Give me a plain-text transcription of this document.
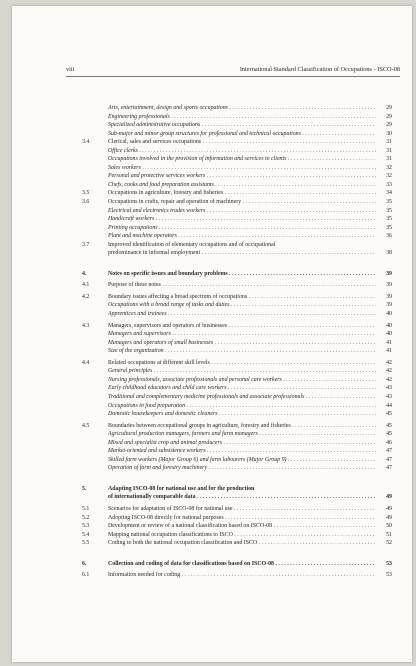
viii	International Standard Classification of Occupations - ISCO-08
Arts, entertainment, design and sports occupations . . .	29
Engineering professionals . . .	29
Specialized administrative occupations . . .	29
Sub-major and minor group structures for professional and technical occupations . . .	30
3.4	Clerical, sales and services occupations . . .	31
Office clerks . . .	31
Occupations involved in the provision of information and services to clients . . .	31
Sales workers . . .	32
Personal and protective services workers . . .	32
Chefs, cooks and food preparation assistants . . .	33
3.5	Occupations in agriculture, forestry and fisheries . . .	34
3.6	Occupations in crafts, repair and operation of machinery . . .	35
Electrical and electronics trades workers . . .	35
Handicraft workers . . .	35
Printing occupations . . .	35
Plant and machine operators . . .	36
3.7	Improved identification of elementary occupations and of occupational
predominance in informal employment . . .	38
4.	Notes on specific issues and boundary problems . . .	39
4.1	Purpose of these notes . . .	39
4.2	Boundary issues affecting a broad spectrum of occupations . . .	39
Occupations with a broad range of tasks and duties . . .	39
Apprentices and trainees . . .	40
4.3	Managers, supervisors and operators of businesses . . .	40
Managers and supervisors . . .	40
Managers and operators of small businesses . . .	41
Size of the organization . . .	41
4.4	Related occupations at different skill levels . . .	42
General principles . . .	42
Nursing professionals, associate professionals and personal care workers . . .	42
Early childhood educators and child care workers . . .	43
Traditional and complementary medicine professionals and associate professionals . . .	43
Occupations in food preparation . . .	44
Domestic housekeepers and domestic cleaners . . .	45
4.5	Boundaries between occupational groups in agriculture, forestry and fisheries . . .	45
Agricultural production managers, farmers and farm managers . . .	45
Mixed and specialist crop and animal producers . . .	46
Market-oriented and subsistence workers . . .	47
Skilled farm workers (Major Group 6) and farm labourers (Major Group 9) . . .	47
Operation of farm and forestry machinery . . .	47
5.	Adapting ISCO-08 for national use and for the production
of internationally comparable data . . .	49
5.1	Scenarios for adaptation of ISCO-08 for national use . . .	49
5.2	Adopting ISCO-08 directly for national purposes . . .	49
5.3	Development or review of a national classification based on ISCO-08 . . .	50
5.4	Mapping national occupation classifications to ISCO . . .	51
5.5	Coding to both the national occupation classification and ISCO . . .	52
6.	Collection and coding of data for classifications based on ISCO-08 . . .	53
6.1	Information needed for coding . . .	53
